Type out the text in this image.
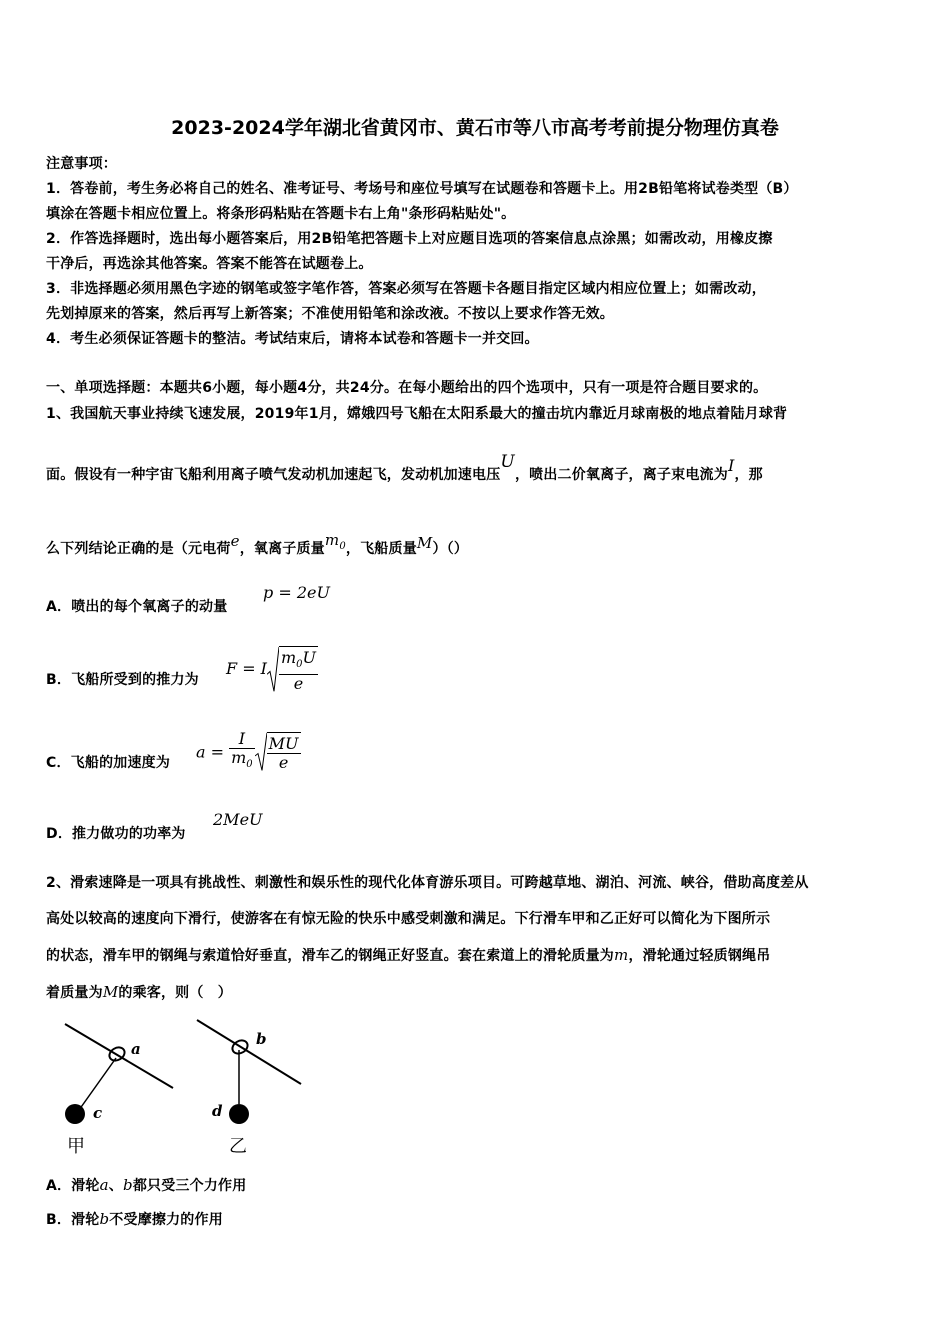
2023-2024学年湖北省黄冈市、黄石市等八市高考考前提分物理仿真卷
注意事项：
1．答卷前，考生务必将自己的姓名、准考证号、考场号和座位号填写在试题卷和答题卡上。用2B铅笔将试卷类型（B）
填涂在答题卡相应位置上。将条形码粘贴在答题卡右上角"条形码粘贴处"。
2．作答选择题时，选出每小题答案后，用2B铅笔把答题卡上对应题目选项的答案信息点涂黑；如需改动，用橡皮擦
干净后，再选涂其他答案。答案不能答在试题卷上。
3．非选择题必须用黑色字迹的钢笔或签字笔作答，答案必须写在答题卡各题目指定区域内相应位置上；如需改动，
先划掉原来的答案，然后再写上新答案；不准使用铅笔和涂改液。不按以上要求作答无效。
4．考生必须保证答题卡的整洁。考试结束后，请将本试卷和答题卡一并交回。
一、单项选择题：本题共6小题，每小题4分，共24分。在每小题给出的四个选项中，只有一项是符合题目要求的。
1、我国航天事业持续飞速发展，2019年1月，嫦娥四号飞船在太阳系最大的撞击坑内靠近月球南极的地点着陆月球背
面。假设有一种宇宙飞船利用离子喷气发动机加速起飞，发动机加速电压U，喷出二价氧离子，离子束电流为I，那
么下列结论正确的是（元电荷e，氧离子质量$m_0$，飞船质量M）（）
A．喷出的每个氧离子的动量
p = 2eU
B．飞船所受到的推力为
F = I $\frac{m_0U}{e}$
C．飞船的加速度为
$a = \frac{I}{m_0} \frac{MU}{e}$
D．推力做功的功率为
2MeU
2、滑索速降是一项具有挑战性、刺激性和娱乐性的现代化体育游乐项目。可跨越草地、湖泊、河流、峡谷，借助高度差从
高处以较高的速度向下滑行，使游客在有惊无险的快乐中感受刺激和满足。下行滑车甲和乙正好可以简化为下图所示
的状态，滑车甲的钢绳与索道恰好垂直，滑车乙的钢绳正好竖直。套在索道上的滑轮质量为m，滑轮通过轻质钢绳吊
着质量为M的乘客，则（　）
a
c
甲
b
d
乙
A．滑轮a、b都只受三个力作用
B．滑轮b不受摩擦力的作用
